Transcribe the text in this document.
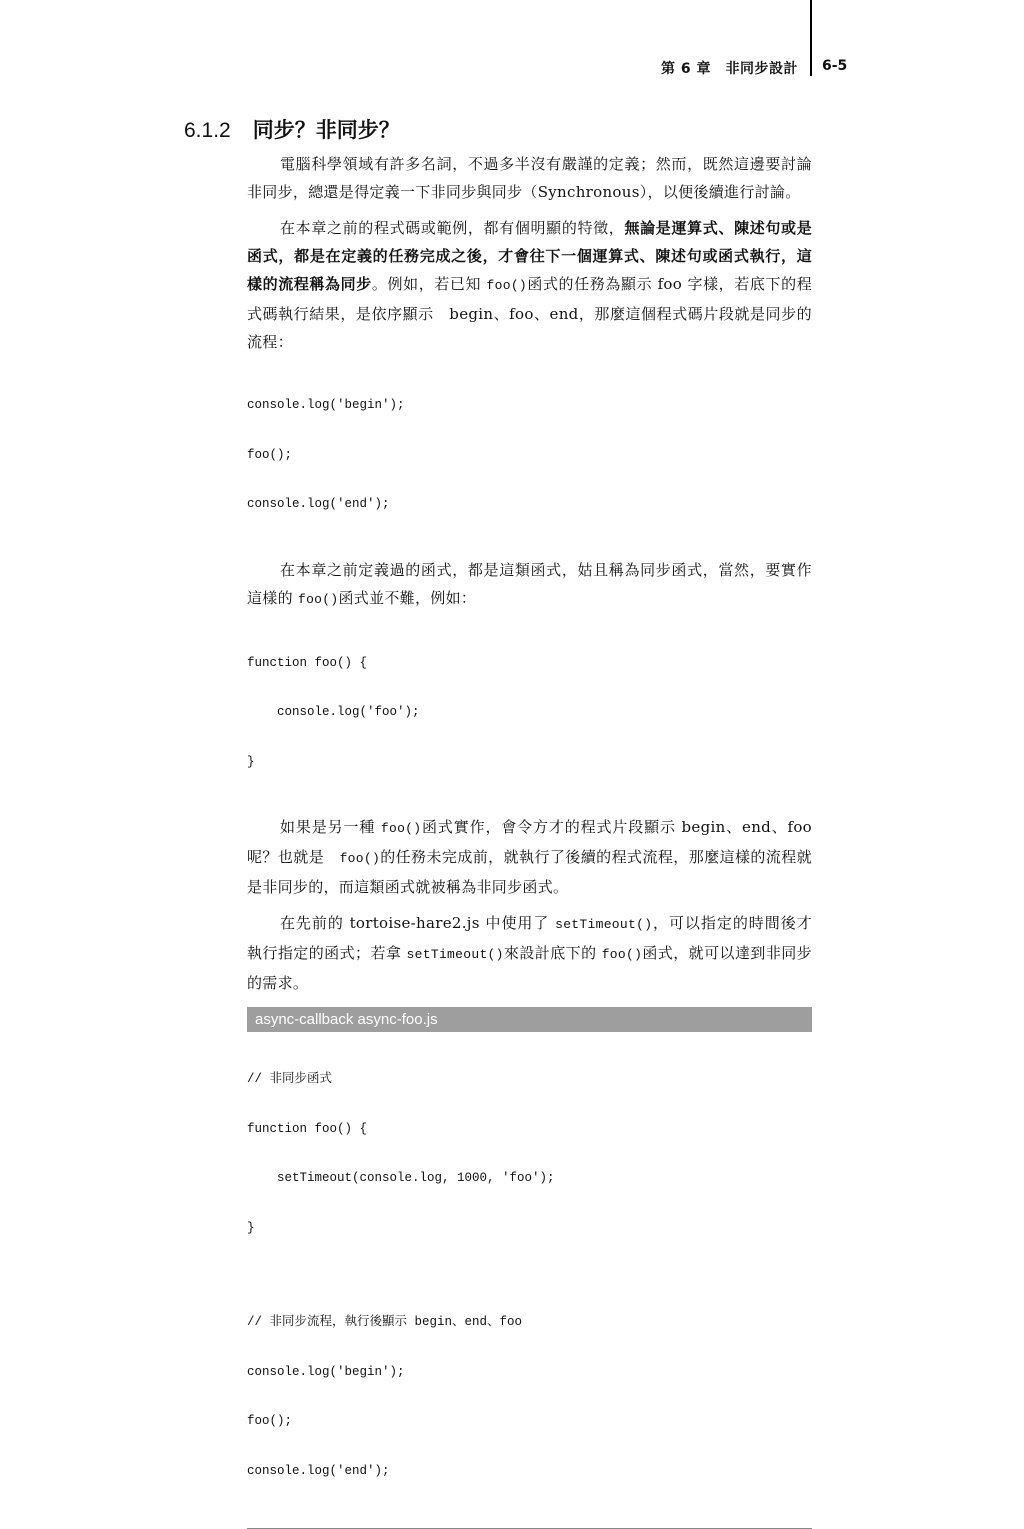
第 6 章　非同步設計 6-5
6.1.2 同步？非同步？

電腦科學領域有許多名詞，不過多半沒有嚴謹的定義；然而，既然這邊要討論非同步，總還是得定義一下非同步與同步（Synchronous），以便後續進行討論。

在本章之前的程式碼或範例，都有個明顯的特徵，無論是運算式、陳述句或是函式，都是在定義的任務完成之後，才會往下一個運算式、陳述句或函式執行，這樣的流程稱為同步。例如，若已知 foo()函式的任務為顯示 foo 字樣，若底下的程式碼執行結果，是依序顯示　begin、foo、end，那麼這個程式碼片段就是同步的流程：

console.log('begin');

foo();

console.log('end');

在本章之前定義過的函式，都是這類函式，姑且稱為同步函式，當然，要實作這樣的 foo()函式並不難，例如：

function foo() {

console.log('foo');

}

如果是另一種 foo()函式實作，會令方才的程式片段顯示 begin、end、foo 呢？也就是　foo()的任務未完成前，就執行了後續的程式流程，那麼這樣的流程就是非同步的，而這類函式就被稱為非同步函式。

在先前的 tortoise-hare2.js 中使用了 setTimeout()，可以指定的時間後才執行指定的函式；若拿 setTimeout()來設計底下的 foo()函式，就可以達到非同步的需求。

async-callback async-foo.js

// 非同步函式

function foo() {

setTimeout(console.log, 1000, 'foo');

}

// 非同步流程，執行後顯示 begin、end、foo

console.log('begin');

foo();

console.log('end');
